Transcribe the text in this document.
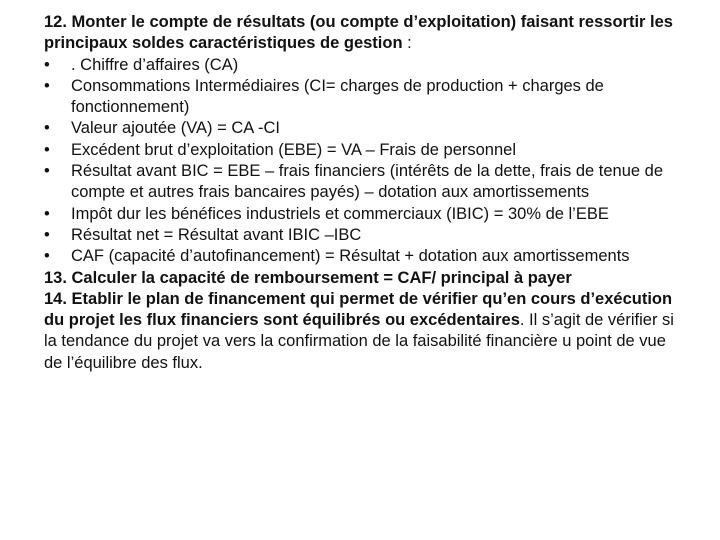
12. Monter le compte de résultats (ou compte d’exploitation) faisant ressortir les principaux soldes caractéristiques de gestion :

•	. Chiffre d’affaires (CA)
•	Consommations Intermédiaires (CI= charges de production + charges de fonctionnement)
•	Valeur ajoutée (VA) = CA -CI
•	Excédent brut d’exploitation (EBE) = VA – Frais de personnel
•	Résultat avant BIC = EBE – frais financiers (intérêts de la dette, frais de tenue de compte et autres frais bancaires payés) – dotation aux amortissements
•	Impôt dur les bénéfices industriels et commerciaux (IBIC) = 30% de l’EBE
•	Résultat net = Résultat avant IBIC –IBC
•	CAF (capacité d’autofinancement) = Résultat + dotation aux amortissements

13. Calculer la capacité de remboursement = CAF/ principal à payer

14. Etablir le plan de financement qui permet de vérifier qu’en cours d’exécution du projet les flux financiers sont équilibrés ou excédentaires. Il s’agit de vérifier si la tendance du projet va vers la confirmation de la faisabilité financière u point de vue de l’équilibre des flux.
